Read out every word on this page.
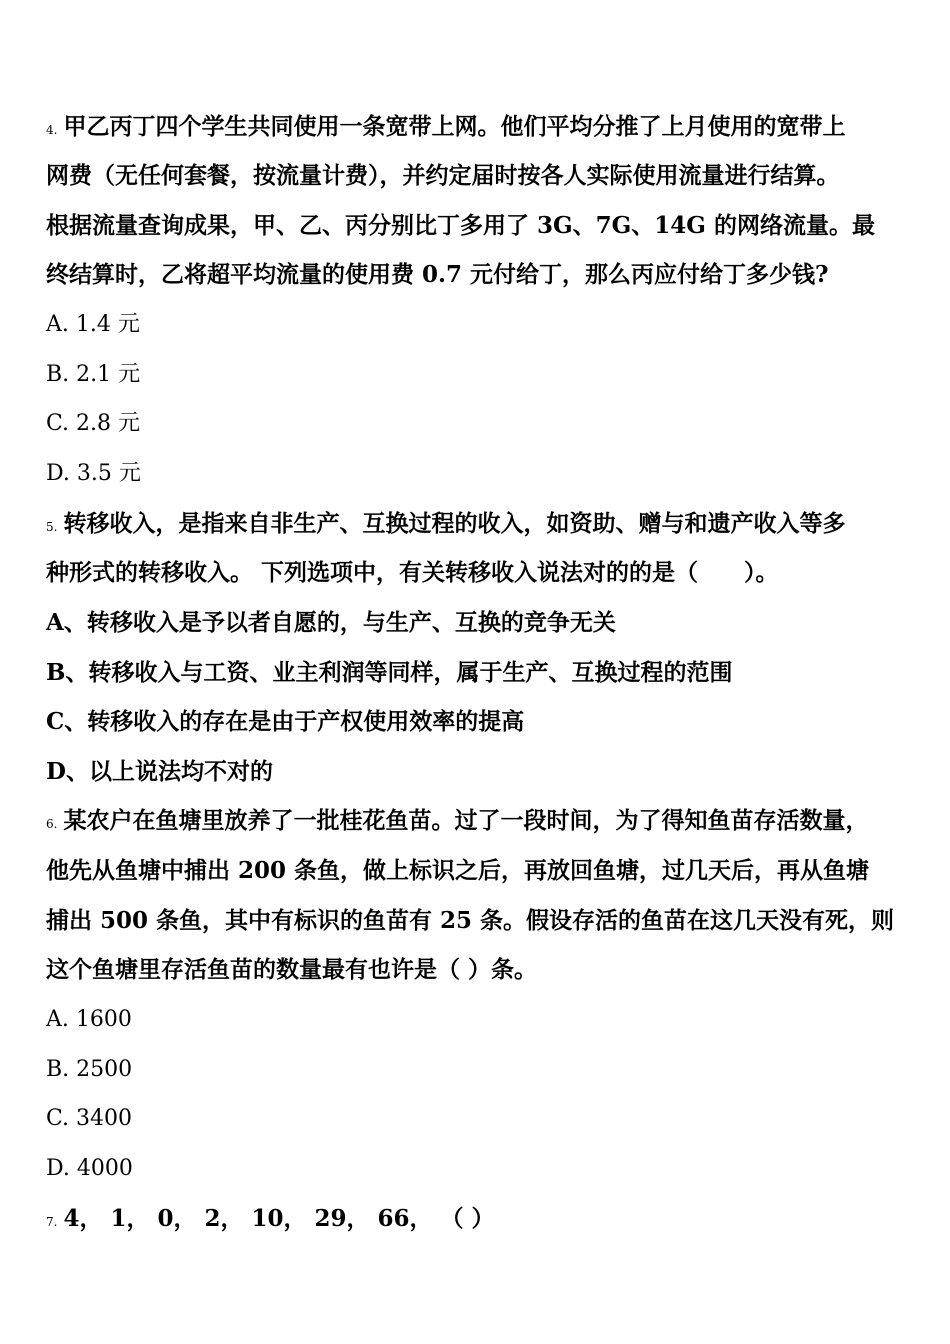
4. 甲乙丙丁四个学生共同使用一条宽带上网。他们平均分推了上月使用的宽带上
网费（无任何套餐，按流量计费），并约定届时按各人实际使用流量进行结算。
根据流量查询成果，甲、乙、丙分别比丁多用了 3G、7G、14G 的网络流量。最
终结算时，乙将超平均流量的使用费 0.7 元付给丁，那么丙应付给丁多少钱?
A. 1.4 元
B. 2.1 元
C. 2.8 元
D. 3.5 元
5. 转移收入，是指来自非生产、互换过程的收入，如资助、赠与和遗产收入等多
种形式的转移收入。 下列选项中，有关转移收入说法对的的是（　　）。
A、转移收入是予以者自愿的，与生产、互换的竞争无关
B、转移收入与工资、业主利润等同样，属于生产、互换过程的范围
C、转移收入的存在是由于产权使用效率的提高
D、以上说法均不对的
6. 某农户在鱼塘里放养了一批桂花鱼苗。过了一段时间，为了得知鱼苗存活数量，
他先从鱼塘中捕出 200 条鱼，做上标识之后，再放回鱼塘，过几天后，再从鱼塘
捕出 500 条鱼，其中有标识的鱼苗有 25 条。假设存活的鱼苗在这几天没有死，则
这个鱼塘里存活鱼苗的数量最有也许是（ ）条。
A. 1600
B. 2500
C. 3400
D. 4000
7. 4， 1， 0， 2， 10， 29， 66， （ ）
